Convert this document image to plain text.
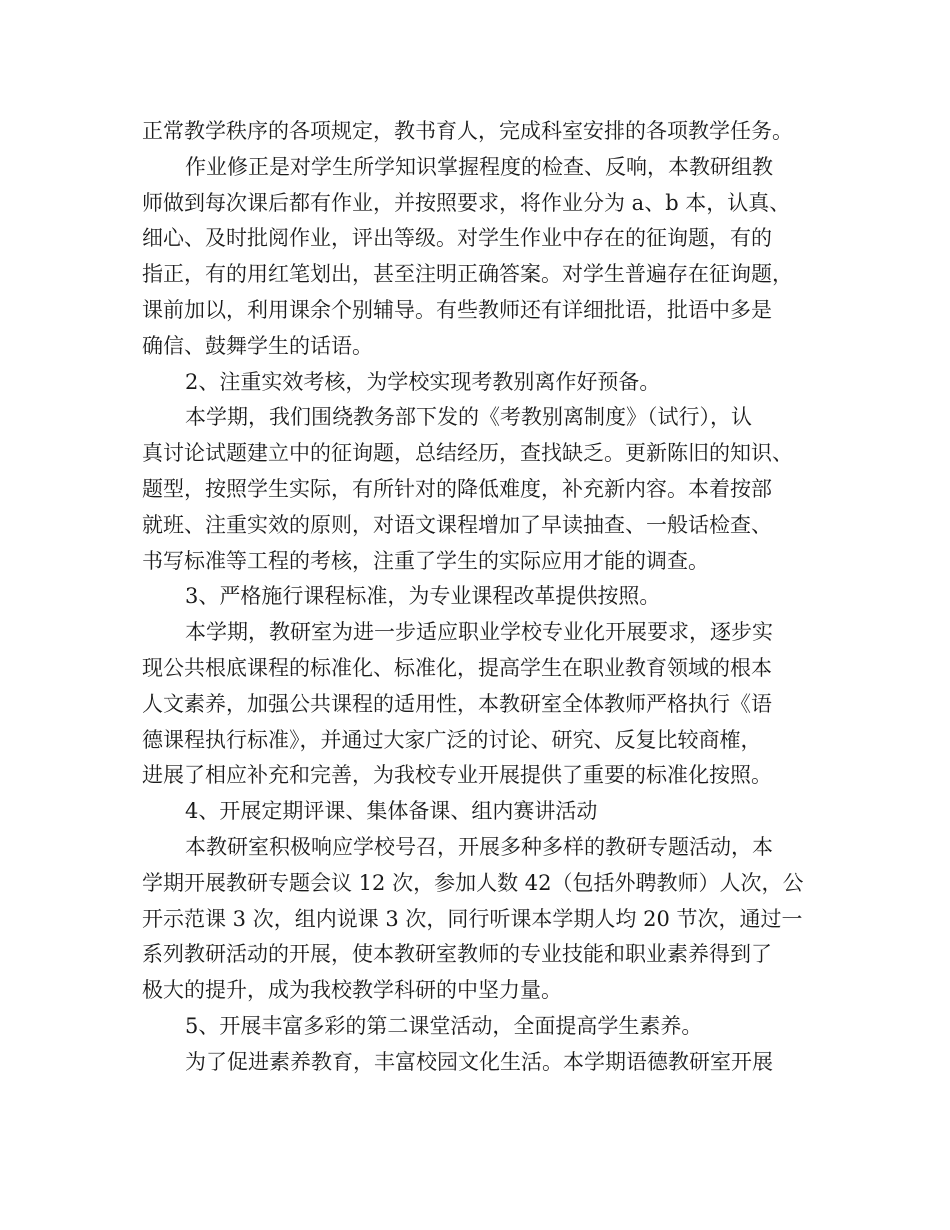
正常教学秩序的各项规定，教书育人，完成科室安排的各项教学任务。
作业修正是对学生所学知识掌握程度的检查、反响，本教研组教
师做到每次课后都有作业，并按照要求，将作业分为 a、b 本，认真、
细心、及时批阅作业，评出等级。对学生作业中存在的征询题，有的
指正，有的用红笔划出，甚至注明正确答案。对学生普遍存在征询题，
课前加以，利用课余个别辅导。有些教师还有详细批语，批语中多是
确信、鼓舞学生的话语。
2、注重实效考核，为学校实现考教别离作好预备。
本学期，我们围绕教务部下发的《考教别离制度》（试行），认
真讨论试题建立中的征询题，总结经历，查找缺乏。更新陈旧的知识、
题型，按照学生实际，有所针对的降低难度，补充新内容。本着按部
就班、注重实效的原则，对语文课程增加了早读抽查、一般话检查、
书写标准等工程的考核，注重了学生的实际应用才能的调查。
3、严格施行课程标准，为专业课程改革提供按照。
本学期，教研室为进一步适应职业学校专业化开展要求，逐步实
现公共根底课程的标准化、标准化，提高学生在职业教育领域的根本
人文素养，加强公共课程的适用性，本教研室全体教师严格执行《语
德课程执行标准》，并通过大家广泛的讨论、研究、反复比较商榷，
进展了相应补充和完善，为我校专业开展提供了重要的标准化按照。
4、开展定期评课、集体备课、组内赛讲活动
本教研室积极响应学校号召，开展多种多样的教研专题活动，本
学期开展教研专题会议 12 次，参加人数 42（包括外聘教师）人次，公
开示范课 3 次，组内说课 3 次，同行听课本学期人均 20 节次，通过一
系列教研活动的开展，使本教研室教师的专业技能和职业素养得到了
极大的提升，成为我校教学科研的中坚力量。
5、开展丰富多彩的第二课堂活动，全面提高学生素养。
为了促进素养教育，丰富校园文化生活。本学期语德教研室开展
